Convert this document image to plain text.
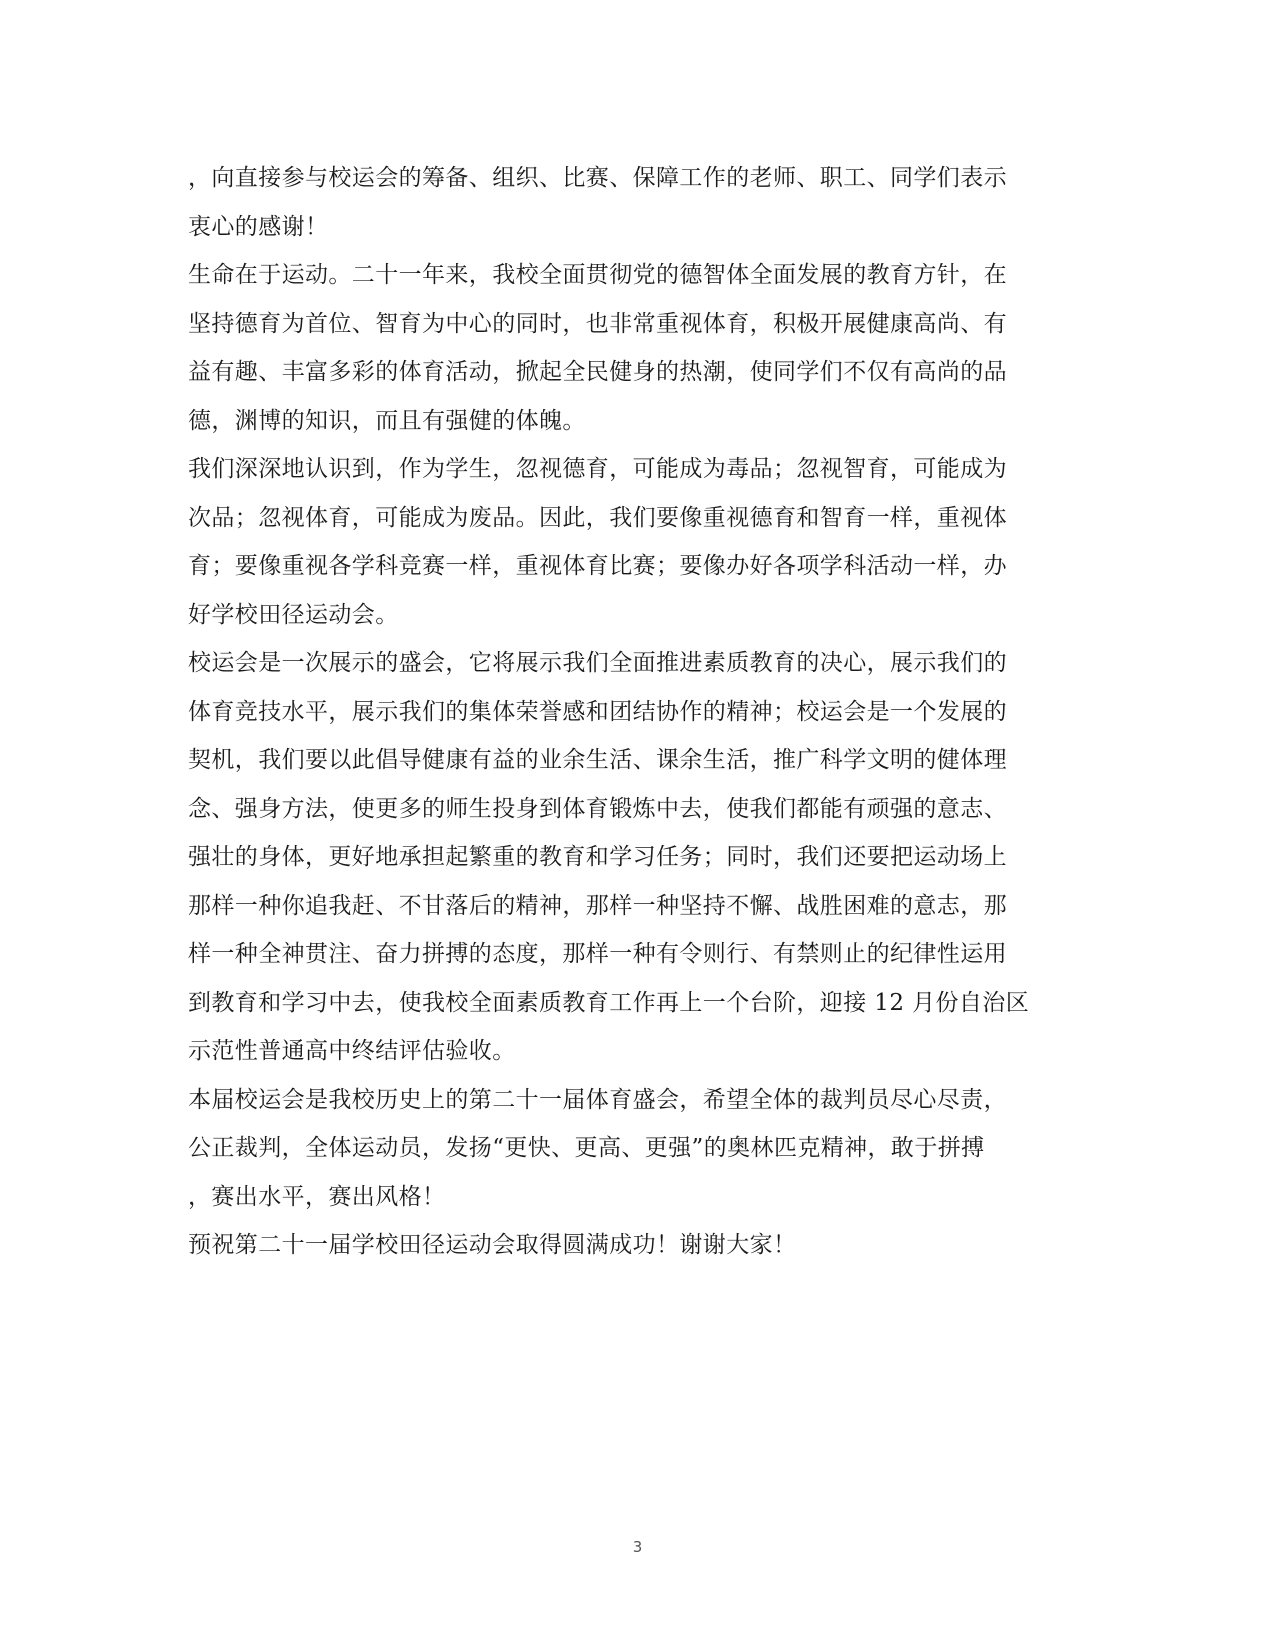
，向直接参与校运会的筹备、组织、比赛、保障工作的老师、职工、同学们表示
衷心的感谢！
生命在于运动。二十一年来，我校全面贯彻党的德智体全面发展的教育方针，在
坚持德育为首位、智育为中心的同时，也非常重视体育，积极开展健康高尚、有
益有趣、丰富多彩的体育活动，掀起全民健身的热潮，使同学们不仅有高尚的品
德，渊博的知识，而且有强健的体魄。
我们深深地认识到，作为学生，忽视德育，可能成为毒品；忽视智育，可能成为
次品；忽视体育，可能成为废品。因此，我们要像重视德育和智育一样，重视体
育；要像重视各学科竞赛一样，重视体育比赛；要像办好各项学科活动一样，办
好学校田径运动会。
校运会是一次展示的盛会，它将展示我们全面推进素质教育的决心，展示我们的
体育竞技水平，展示我们的集体荣誉感和团结协作的精神；校运会是一个发展的
契机，我们要以此倡导健康有益的业余生活、课余生活，推广科学文明的健体理
念、强身方法，使更多的师生投身到体育锻炼中去，使我们都能有顽强的意志、
强壮的身体，更好地承担起繁重的教育和学习任务；同时，我们还要把运动场上
那样一种你追我赶、不甘落后的精神，那样一种坚持不懈、战胜困难的意志，那
样一种全神贯注、奋力拼搏的态度，那样一种有令则行、有禁则止的纪律性运用
到教育和学习中去，使我校全面素质教育工作再上一个台阶，迎接 12 月份自治区
示范性普通高中终结评估验收。
本届校运会是我校历史上的第二十一届体育盛会，希望全体的裁判员尽心尽责，
公正裁判，全体运动员，发扬“更快、更高、更强”的奥林匹克精神，敢于拼搏
，赛出水平，赛出风格！
预祝第二十一届学校田径运动会取得圆满成功！谢谢大家！
3
